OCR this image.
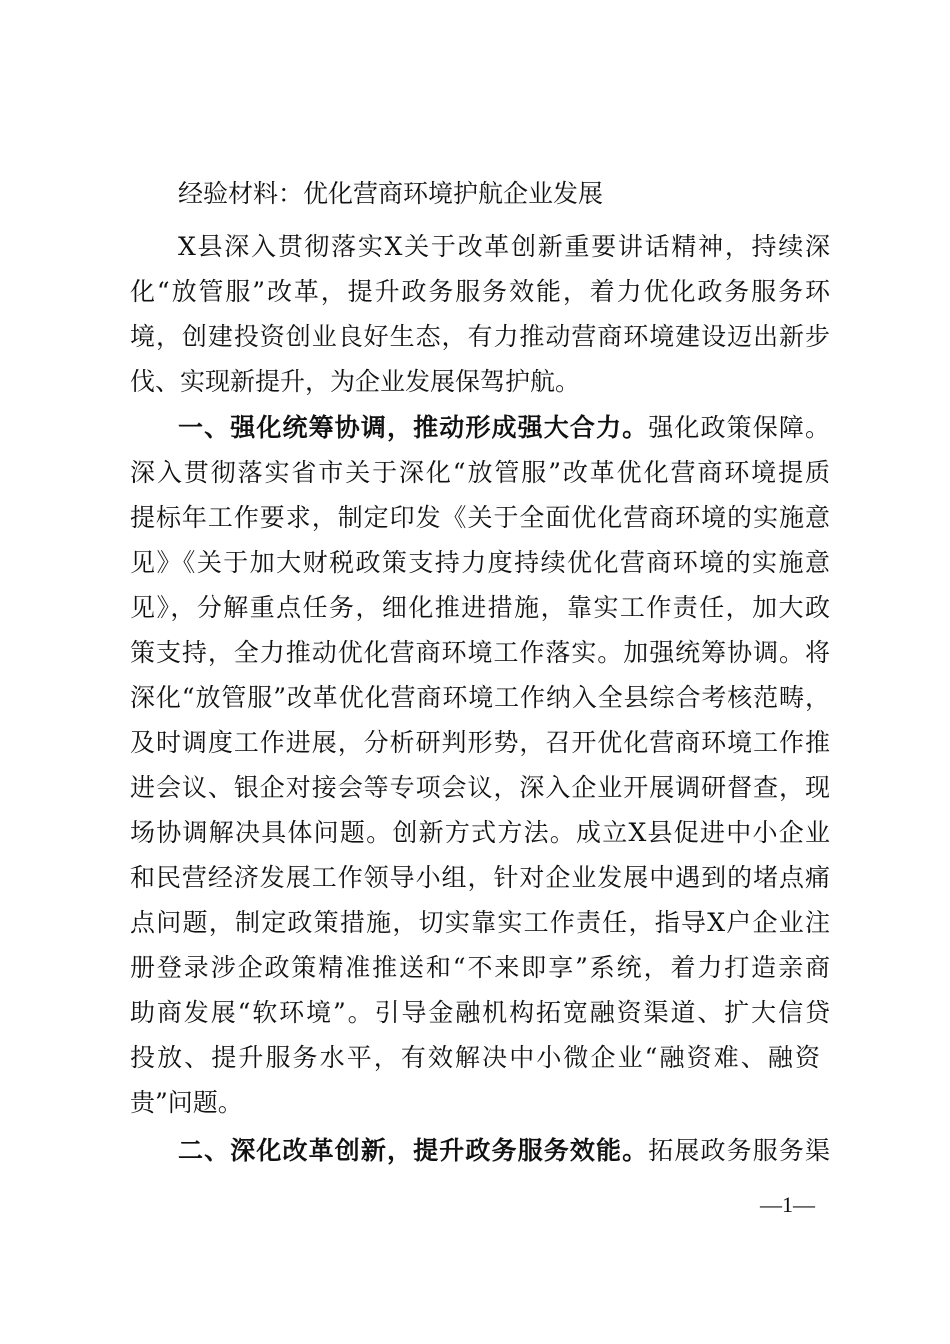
经验材料：优化营商环境护航企业发展
X县深入贯彻落实X关于改革创新重要讲话精神，持续深
化“放管服”改革，提升政务服务效能，着力优化政务服务环
境，创建投资创业良好生态，有力推动营商环境建设迈出新步
伐、实现新提升，为企业发展保驾护航。
一、强化统筹协调，推动形成强大合力。强化政策保障。
深入贯彻落实省市关于深化“放管服”改革优化营商环境提质
提标年工作要求，制定印发《关于全面优化营商环境的实施意
见》《关于加大财税政策支持力度持续优化营商环境的实施意
见》，分解重点任务，细化推进措施，靠实工作责任，加大政
策支持，全力推动优化营商环境工作落实。加强统筹协调。将
深化“放管服”改革优化营商环境工作纳入全县综合考核范畴，
及时调度工作进展，分析研判形势，召开优化营商环境工作推
进会议、银企对接会等专项会议，深入企业开展调研督查，现
场协调解决具体问题。创新方式方法。成立X县促进中小企业
和民营经济发展工作领导小组，针对企业发展中遇到的堵点痛
点问题，制定政策措施，切实靠实工作责任，指导X户企业注
册登录涉企政策精准推送和“不来即享”系统，着力打造亲商
助商发展“软环境”。引导金融机构拓宽融资渠道、扩大信贷
投放、提升服务水平，有效解决中小微企业“融资难、融资
贵”问题。
二、深化改革创新，提升政务服务效能。拓展政务服务渠
—1—
